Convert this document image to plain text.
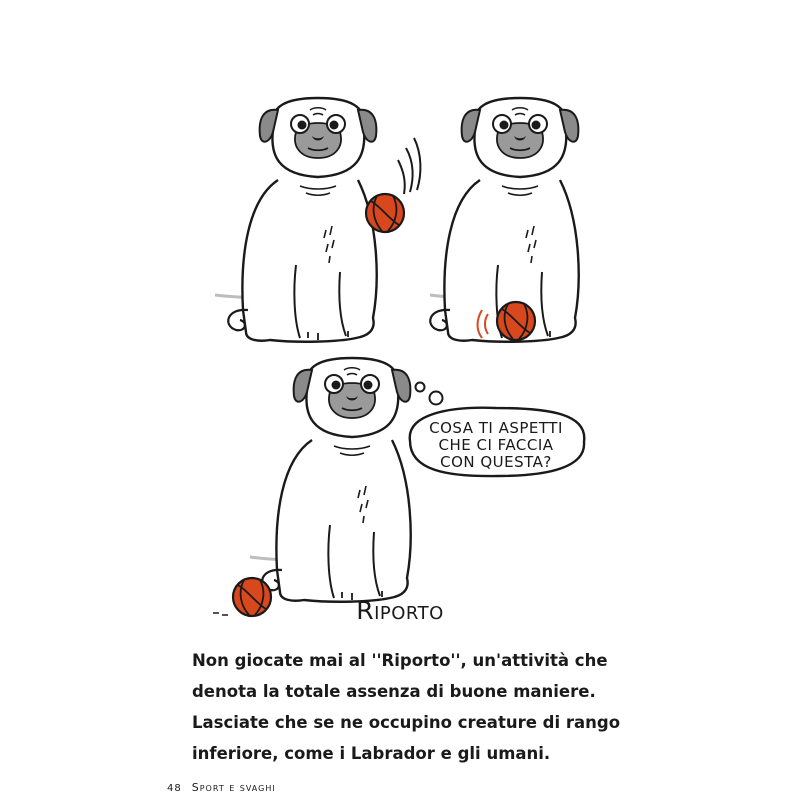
COSA TI ASPETTI
CHE CI FACCIA
CON QUESTA?
Riporto

Non giocate mai al ''Riporto'', un'attività che

denota la totale assenza di buone maniere.

Lasciate che se ne occupino creature di rango

inferiore, come i Labrador e gli umani.

48 Sport e svaghi
